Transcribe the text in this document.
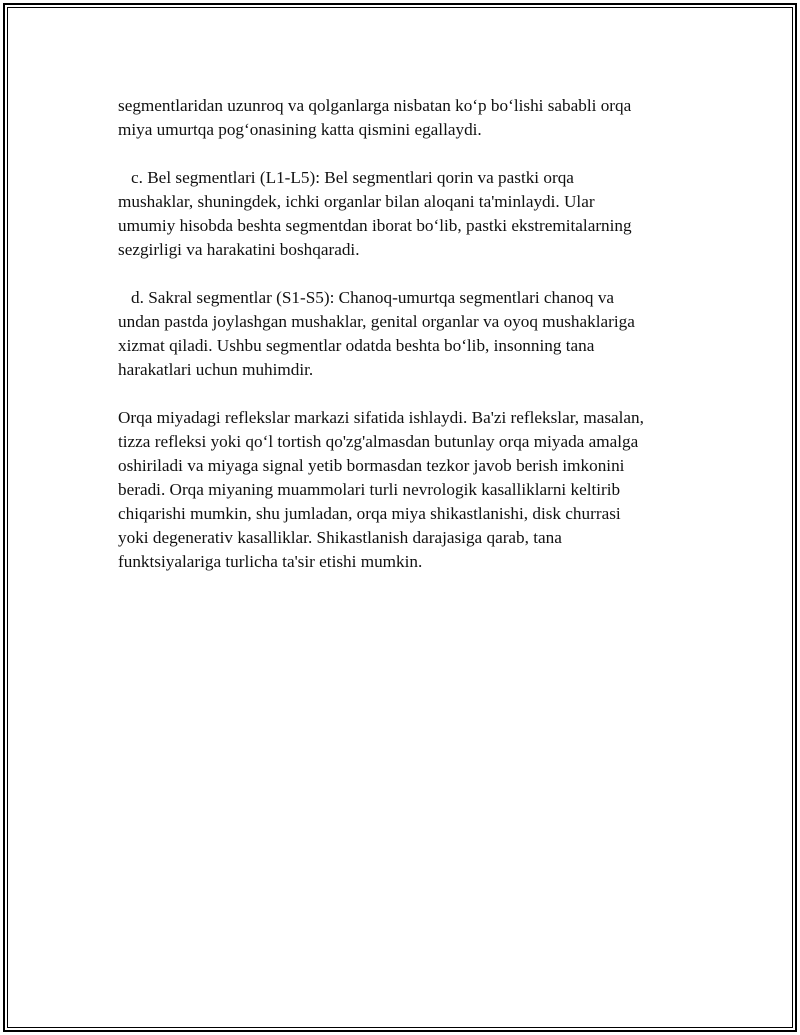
segmentlaridan uzunroq va qolganlarga nisbatan ko‘p bo‘lishi sababli orqa
miya umurtqa pog‘onasining katta qismini egallaydi.

c. Bel segmentlari (L1-L5): Bel segmentlari qorin va pastki orqa
mushaklar, shuningdek, ichki organlar bilan aloqani ta'minlaydi. Ular
umumiy hisobda beshta segmentdan iborat bo‘lib, pastki ekstremitalarning
sezgirligi va harakatini boshqaradi.

d. Sakral segmentlar (S1-S5): Chanoq-umurtqa segmentlari chanoq va
undan pastda joylashgan mushaklar, genital organlar va oyoq mushaklariga
xizmat qiladi. Ushbu segmentlar odatda beshta bo‘lib, insonning tana
harakatlari uchun muhimdir.

Orqa miyadagi reflekslar markazi sifatida ishlaydi. Ba'zi reflekslar, masalan,
tizza refleksi yoki qo‘l tortish qo'zg'almasdan butunlay orqa miyada amalga
oshiriladi va miyaga signal yetib bormasdan tezkor javob berish imkonini
beradi. Orqa miyaning muammolari turli nevrologik kasalliklarni keltirib
chiqarishi mumkin, shu jumladan, orqa miya shikastlanishi, disk churrasi
yoki degenerativ kasalliklar. Shikastlanish darajasiga qarab, tana
funktsiyalariga turlicha ta'sir etishi mumkin.
